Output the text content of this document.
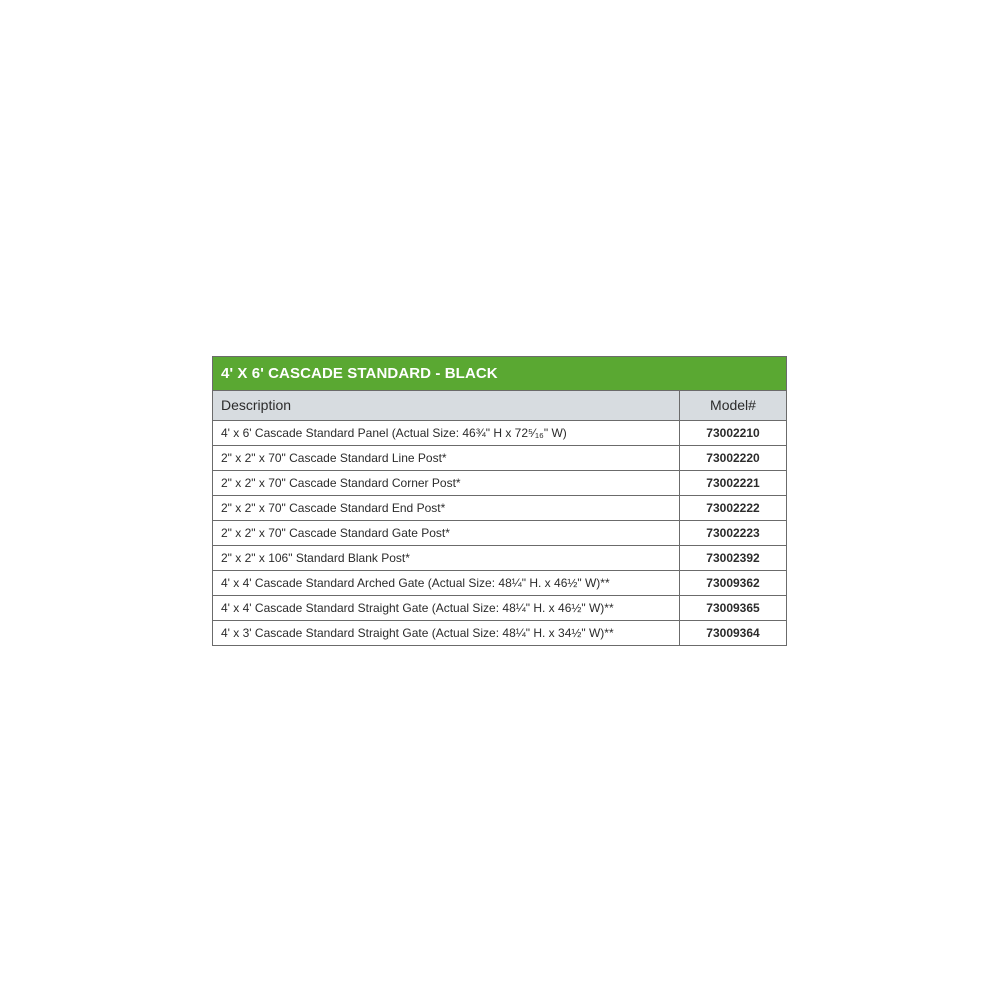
4' X 6' CASCADE STANDARD - BLACK
Description	Model#
4' x 6' Cascade Standard Panel (Actual Size: 46¾" H x 72⁵⁄₁₆" W)	73002210
2" x 2" x 70" Cascade Standard Line Post*	73002220
2" x 2" x 70" Cascade Standard Corner Post*	73002221
2" x 2" x 70" Cascade Standard End Post*	73002222
2" x 2" x 70" Cascade Standard Gate Post*	73002223
2" x 2" x 106" Standard Blank Post*	73002392
4' x 4' Cascade Standard Arched Gate (Actual Size: 48¼" H. x 46½" W)**	73009362
4' x 4' Cascade Standard Straight Gate (Actual Size: 48¼" H. x 46½" W)**	73009365
4' x 3' Cascade Standard Straight Gate (Actual Size: 48¼" H. x 34½" W)**	73009364
